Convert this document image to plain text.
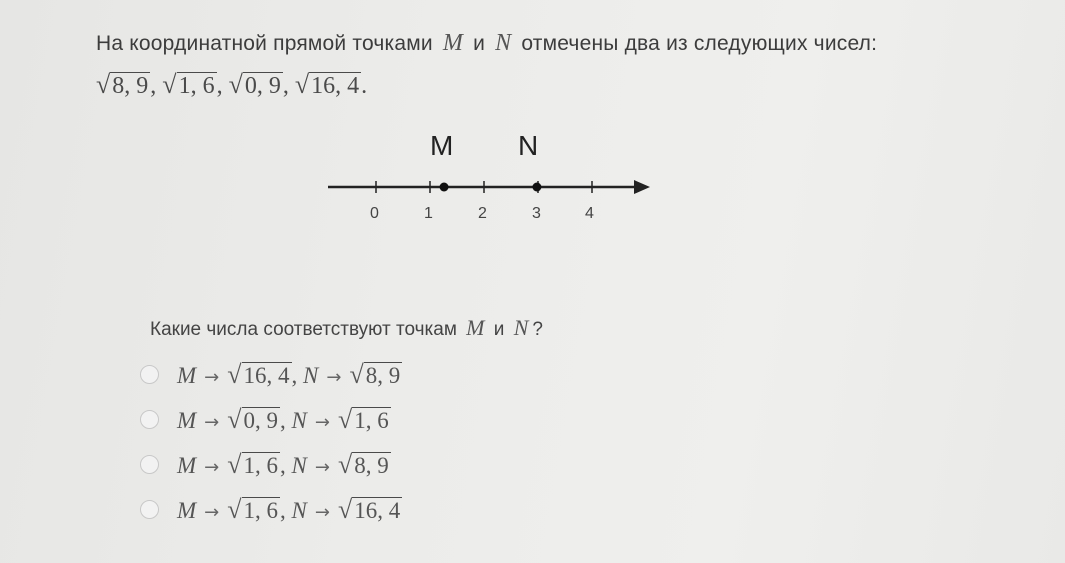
На координатной прямой точками M и N отмечены два из следующих чисел:
√8, 9, √1, 6, √0, 9, √16, 4.
M N
0	1	2	3	4
Какие числа соответствуют точкам M и N ?
M → √16, 4, N → √8, 9
M → √0, 9, N → √1, 6
M → √1, 6, N → √8, 9
M → √1, 6, N → √16, 4
